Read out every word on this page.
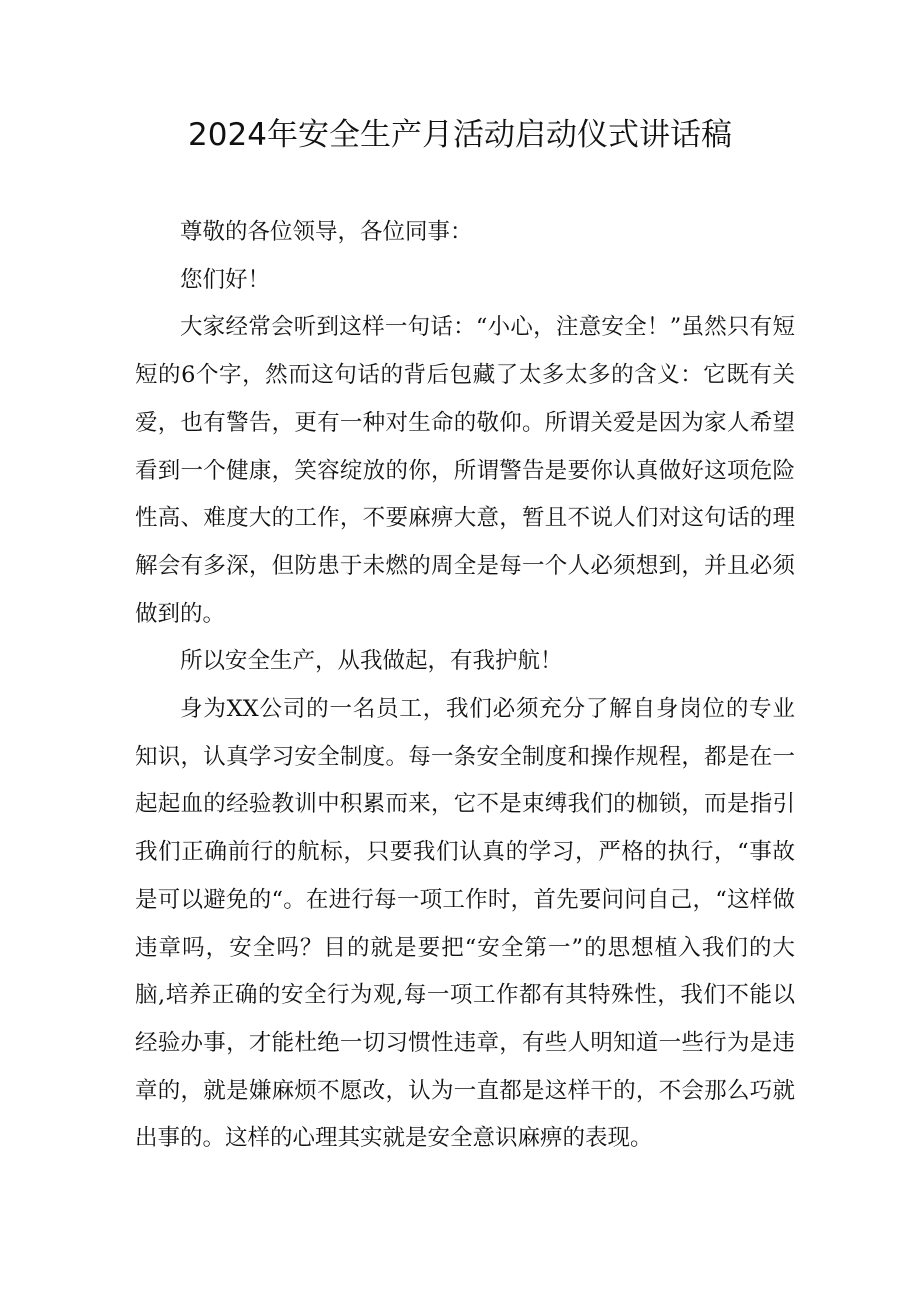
2024年安全生产月活动启动仪式讲话稿

尊敬的各位领导，各位同事：

您们好！

大家经常会听到这样一句话：“小心，注意安全！”虽然只有短短的6个字，然而这句话的背后包藏了太多太多的含义：它既有关爱，也有警告，更有一种对生命的敬仰。所谓关爱是因为家人希望看到一个健康，笑容绽放的你，所谓警告是要你认真做好这项危险性高、难度大的工作，不要麻痹大意，暂且不说人们对这句话的理解会有多深，但防患于未燃的周全是每一个人必须想到，并且必须做到的。

所以安全生产，从我做起，有我护航！

身为XX公司的一名员工，我们必须充分了解自身岗位的专业知识，认真学习安全制度。每一条安全制度和操作规程，都是在一起起血的经验教训中积累而来，它不是束缚我们的枷锁，而是指引我们正确前行的航标，只要我们认真的学习，严格的执行，“事故是可以避免的“。在进行每一项工作时，首先要问问自己，“这样做违章吗，安全吗？目的就是要把“安全第一”的思想植入我们的大脑,培养正确的安全行为观,每一项工作都有其特殊性，我们不能以经验办事，才能杜绝一切习惯性违章，有些人明知道一些行为是违章的，就是嫌麻烦不愿改，认为一直都是这样干的，不会那么巧就出事的。这样的心理其实就是安全意识麻痹的表现。
